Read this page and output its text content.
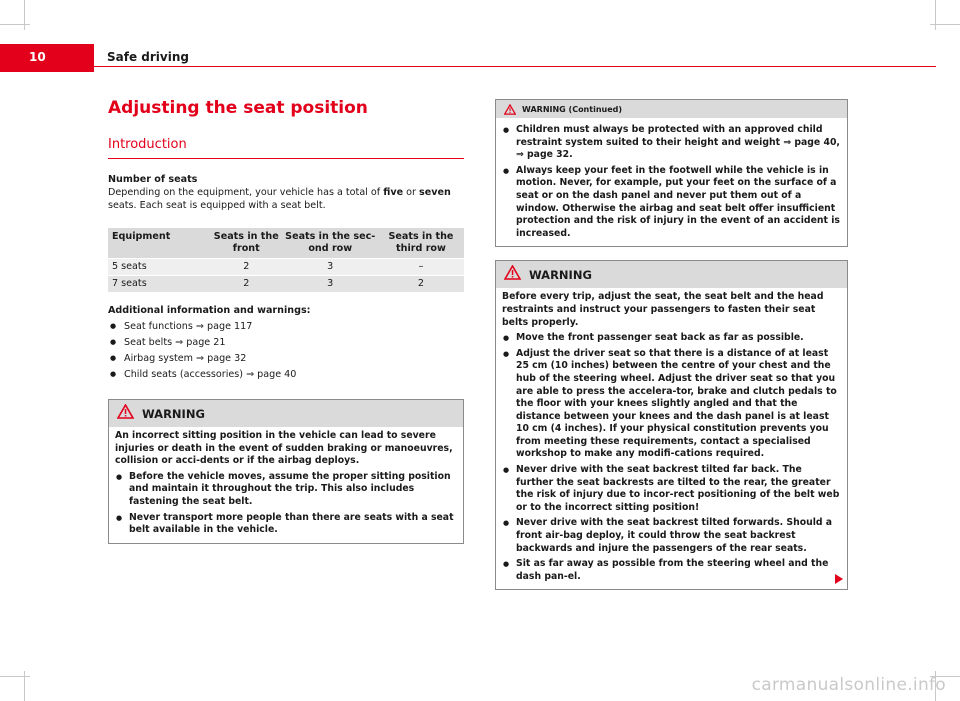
10	Safe driving
Adjusting the seat position
Introduction

Number of seats

Depending on the equipment, your vehicle has a total of five or seven seats. Each seat is equipped with a seat belt.

Equipment	Seats in the front	Seats in the sec-ond row	Seats in the third row
5 seats	2	3	–
7 seats	2	3	2

Additional information and warnings:

● Seat functions ⇒ page 117
● Seat belts ⇒ page 21
● Airbag system ⇒ page 32
● Child seats (accessories) ⇒ page 40
WARNING

An incorrect sitting position in the vehicle can lead to severe injuries or death in the event of sudden braking or manoeuvres, collision or acci-dents or if the airbag deploys.

● Before the vehicle moves, assume the proper sitting position and maintain it throughout the trip. This also includes fastening the seat belt.
● Never transport more people than there are seats with a seat belt available in the vehicle.
WARNING (Continued)
● Children must always be protected with an approved child restraint system suited to their height and weight ⇒ page 40, ⇒ page 32.
● Always keep your feet in the footwell while the vehicle is in motion. Never, for example, put your feet on the surface of a seat or on the dash panel and never put them out of a window. Otherwise the airbag and seat belt offer insufficient protection and the risk of injury in the event of an accident is increased.
WARNING

Before every trip, adjust the seat, the seat belt and the head restraints and instruct your passengers to fasten their seat belts properly.

● Move the front passenger seat back as far as possible.
● Adjust the driver seat so that there is a distance of at least 25 cm (10 inches) between the centre of your chest and the hub of the steering wheel. Adjust the driver seat so that you are able to press the accelera-tor, brake and clutch pedals to the floor with your knees slightly angled and that the distance between your knees and the dash panel is at least 10 cm (4 inches). If your physical constitution prevents you from meeting these requirements, contact a specialised workshop to make any modifi-cations required.
● Never drive with the seat backrest tilted far back. The further the seat backrests are tilted to the rear, the greater the risk of injury due to incor-rect positioning of the belt web or to the incorrect sitting position!
● Never drive with the seat backrest tilted forwards. Should a front air-bag deploy, it could throw the seat backrest backwards and injure the passengers of the rear seats.
● Sit as far away as possible from the steering wheel and the dash pan-el.
carmanualsonline.info
